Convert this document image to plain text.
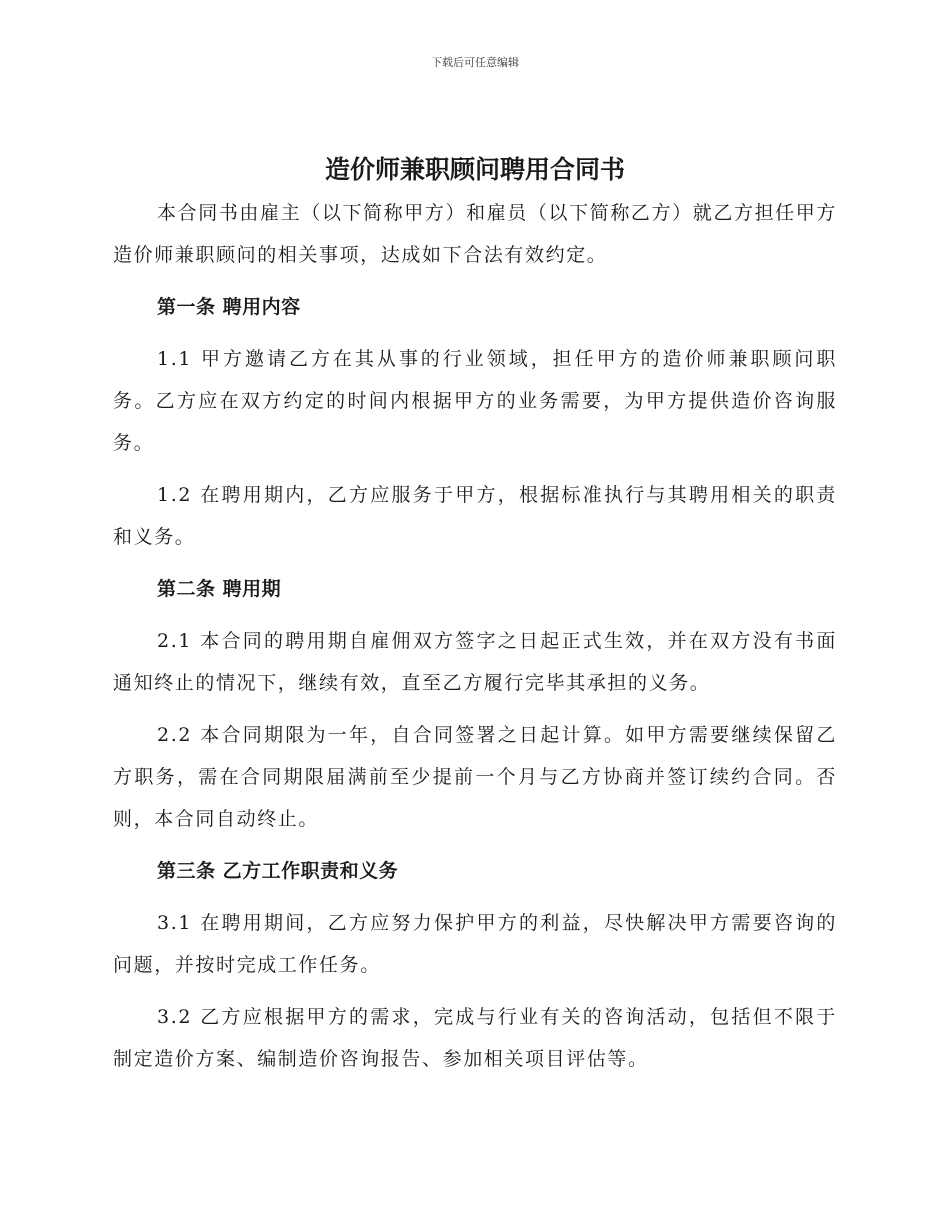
下载后可任意编辑
造价师兼职顾问聘用合同书

本合同书由雇主（以下简称甲方）和雇员（以下简称乙方）就乙方担任甲方造价师兼职顾问的相关事项，达成如下合法有效约定。

第一条 聘用内容

1.1 甲方邀请乙方在其从事的行业领域，担任甲方的造价师兼职顾问职务。乙方应在双方约定的时间内根据甲方的业务需要，为甲方提供造价咨询服务。

1.2 在聘用期内，乙方应服务于甲方，根据标准执行与其聘用相关的职责和义务。

第二条 聘用期

2.1 本合同的聘用期自雇佣双方签字之日起正式生效，并在双方没有书面通知终止的情况下，继续有效，直至乙方履行完毕其承担的义务。

2.2 本合同期限为一年，自合同签署之日起计算。如甲方需要继续保留乙方职务，需在合同期限届满前至少提前一个月与乙方协商并签订续约合同。否则，本合同自动终止。

第三条 乙方工作职责和义务

3.1 在聘用期间，乙方应努力保护甲方的利益，尽快解决甲方需要咨询的问题，并按时完成工作任务。

3.2 乙方应根据甲方的需求，完成与行业有关的咨询活动，包括但不限于制定造价方案、编制造价咨询报告、参加相关项目评估等。
